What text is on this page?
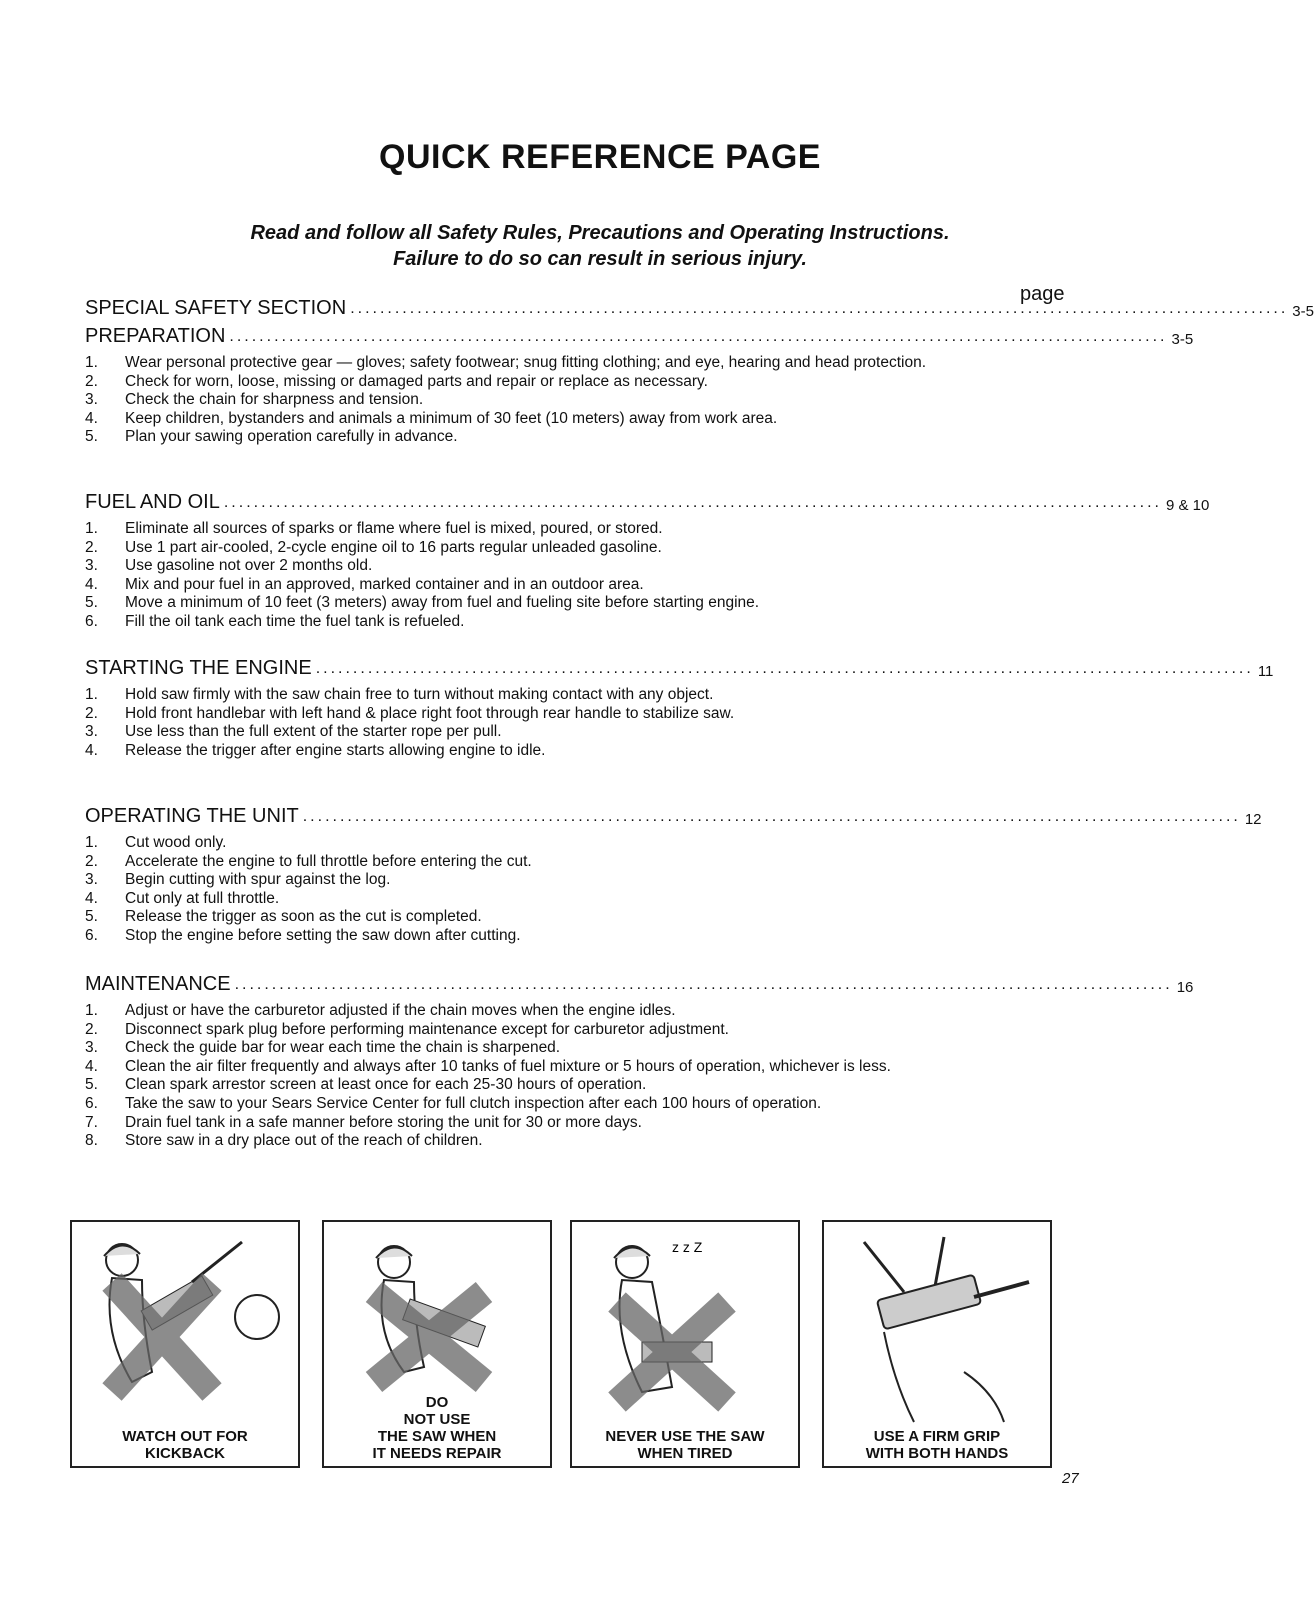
QUICK REFERENCE PAGE
Read and follow all Safety Rules, Precautions and Operating Instructions.
Failure to do so can result in serious injury.
page
SPECIAL SAFETY SECTION .............................................................................................................................. 3-5
PREPARATION .............................................................................................................................. 3-5
1.	Wear personal protective gear — gloves; safety footwear; snug fitting clothing; and eye, hearing and head protection.
2.	Check for worn, loose, missing or damaged parts and repair or replace as necessary.
3.	Check the chain for sharpness and tension.
4.	Keep children, bystanders and animals a minimum of 30 feet (10 meters) away from work area.
5.	Plan your sawing operation carefully in advance.
FUEL AND OIL .............................................................................................................................. 9 & 10
1.	Eliminate all sources of sparks or flame where fuel is mixed, poured, or stored.
2.	Use 1 part air-cooled, 2-cycle engine oil to 16 parts regular unleaded gasoline.
3.	Use gasoline not over 2 months old.
4.	Mix and pour fuel in an approved, marked container and in an outdoor area.
5.	Move a minimum of 10 feet (3 meters) away from fuel and fueling site before starting engine.
6.	Fill the oil tank each time the fuel tank is refueled.
STARTING THE ENGINE .............................................................................................................................. 11
1.	Hold saw firmly with the saw chain free to turn without making contact with any object.
2.	Hold front handlebar with left hand & place right foot through rear handle to stabilize saw.
3.	Use less than the full extent of the starter rope per pull.
4.	Release the trigger after engine starts allowing engine to idle.
OPERATING THE UNIT .............................................................................................................................. 12
1.	Cut wood only.
2.	Accelerate the engine to full throttle before entering the cut.
3.	Begin cutting with spur against the log.
4.	Cut only at full throttle.
5.	Release the trigger as soon as the cut is completed.
6.	Stop the engine before setting the saw down after cutting.
MAINTENANCE .............................................................................................................................. 16
1.	Adjust or have the carburetor adjusted if the chain moves when the engine idles.
2.	Disconnect spark plug before performing maintenance except for carburetor adjustment.
3.	Check the guide bar for wear each time the chain is sharpened.
4.	Clean the air filter frequently and always after 10 tanks of fuel mixture or 5 hours of operation, whichever is less.
5.	Clean spark arrestor screen at least once for each 25-30 hours of operation.
6.	Take the saw to your Sears Service Center for full clutch inspection after each 100 hours of operation.
7.	Drain fuel tank in a safe manner before storing the unit for 30 or more days.
8.	Store saw in a dry place out of the reach of children.
WATCH OUT FOR
KICKBACK
DO
NOT USE
THE SAW WHEN
IT NEEDS REPAIR
z z Z
NEVER USE THE SAW
WHEN TIRED
USE A FIRM GRIP
WITH BOTH HANDS
27
